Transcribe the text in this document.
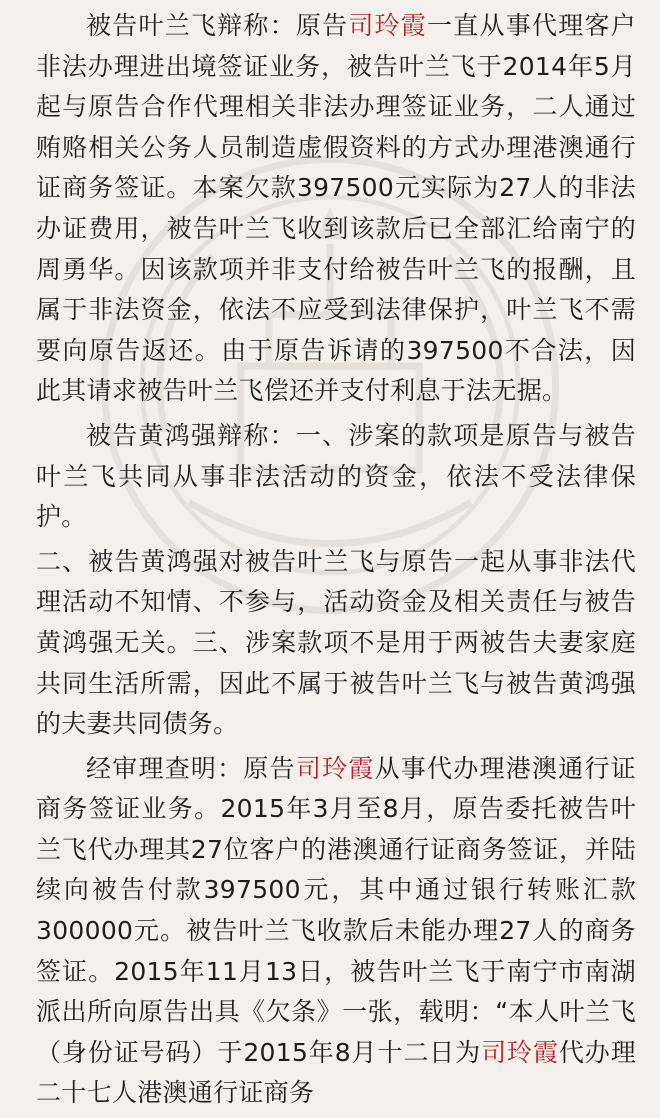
被告叶兰飞辩称：原告司玲霞一直从事代理客户非法办理进出境签证业务，被告叶兰飞于2014年5月起与原告合作代理相关非法办理签证业务，二人通过贿赂相关公务人员制造虚假资料的方式办理港澳通行证商务签证。本案欠款397500元实际为27人的非法办证费用，被告叶兰飞收到该款后已全部汇给南宁的周勇华。因该款项并非支付给被告叶兰飞的报酬，且属于非法资金，依法不应受到法律保护，叶兰飞不需要向原告返还。由于原告诉请的397500不合法，因此其请求被告叶兰飞偿还并支付利息于法无据。

被告黄鸿强辩称：一、涉案的款项是原告与被告叶兰飞共同从事非法活动的资金，依法不受法律保护。

二、被告黄鸿强对被告叶兰飞与原告一起从事非法代理活动不知情、不参与，活动资金及相关责任与被告黄鸿强无关。三、涉案款项不是用于两被告夫妻家庭共同生活所需，因此不属于被告叶兰飞与被告黄鸿强的夫妻共同债务。

经审理查明：原告司玲霞从事代办理港澳通行证商务签证业务。2015年3月至8月，原告委托被告叶兰飞代办理其27位客户的港澳通行证商务签证，并陆续向被告付款397500元，其中通过银行转账汇款300000元。被告叶兰飞收款后未能办理27人的商务签证。2015年11月13日，被告叶兰飞于南宁市南湖派出所向原告出具《欠条》一张，载明：“本人叶兰飞（身份证号码）于2015年8月十二日为司玲霞代办理二十七人港澳通行证商务
